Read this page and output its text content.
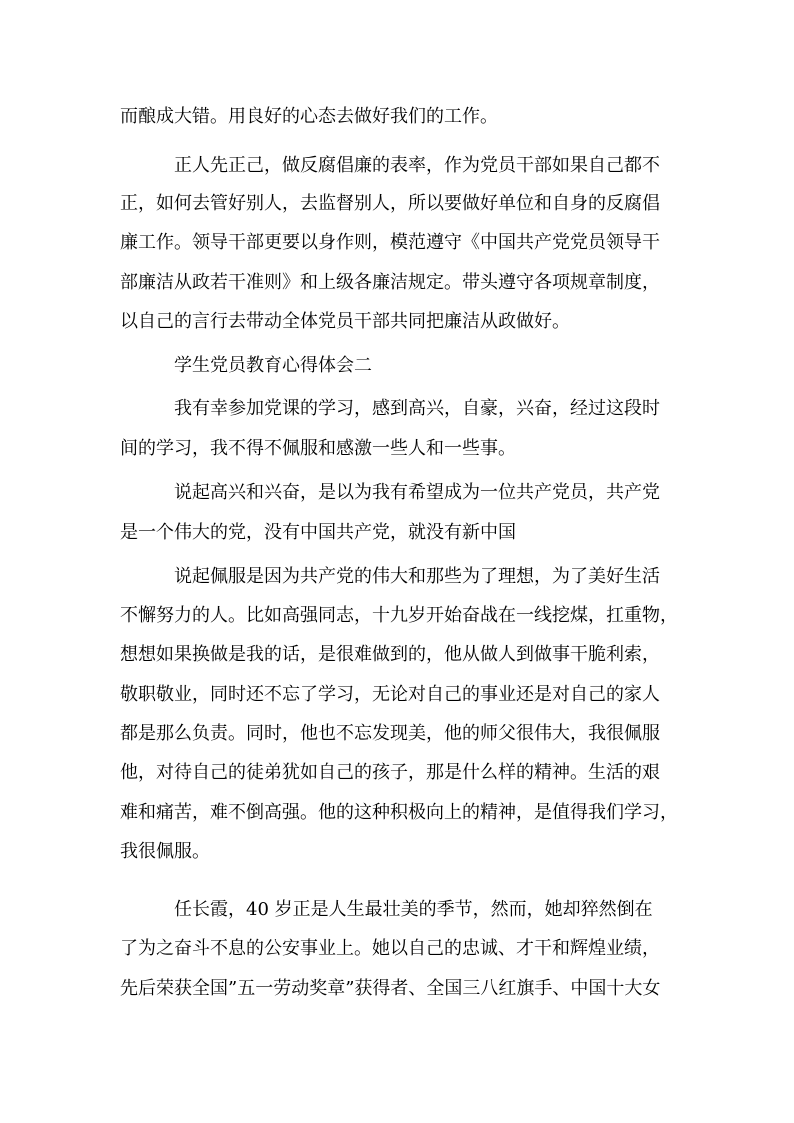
而酿成大错。用良好的心态去做好我们的工作。
正人先正己，做反腐倡廉的表率，作为党员干部如果自己都不
正，如何去管好别人，去监督别人，所以要做好单位和自身的反腐倡
廉工作。领导干部更要以身作则，模范遵守《中国共产党党员领导干
部廉洁从政若干准则》和上级各廉洁规定。带头遵守各项规章制度，
以自己的言行去带动全体党员干部共同把廉洁从政做好。
学生党员教育心得体会二
我有幸参加党课的学习，感到高兴，自豪，兴奋，经过这段时
间的学习，我不得不佩服和感激一些人和一些事。
说起高兴和兴奋，是以为我有希望成为一位共产党员，共产党
是一个伟大的党，没有中国共产党，就没有新中国
说起佩服是因为共产党的伟大和那些为了理想，为了美好生活
不懈努力的人。比如高强同志，十九岁开始奋战在一线挖煤，扛重物，
想想如果换做是我的话，是很难做到的，他从做人到做事干脆利索，
敬职敬业，同时还不忘了学习，无论对自己的事业还是对自己的家人
都是那么负责。同时，他也不忘发现美，他的师父很伟大，我很佩服
他，对待自己的徒弟犹如自己的孩子，那是什么样的精神。生活的艰
难和痛苦，难不倒高强。他的这种积极向上的精神，是值得我们学习，
我很佩服。
任长霞，40 岁正是人生最壮美的季节，然而，她却猝然倒在
了为之奋斗不息的公安事业上。她以自己的忠诚、才干和辉煌业绩，
先后荣获全国”五一劳动奖章”获得者、全国三八红旗手、中国十大女
